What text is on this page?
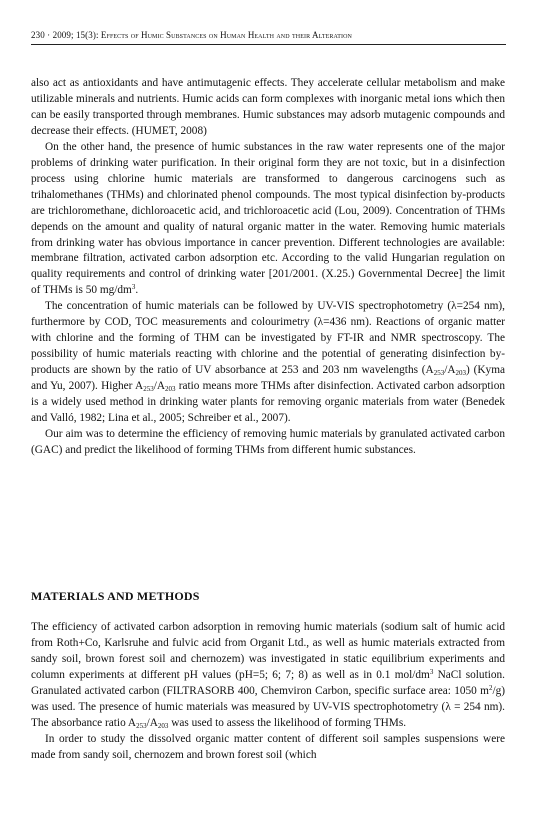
230 · 2009; 15(3): Effects of Humic Substances on Human Health and their Alteration

also act as antioxidants and have antimutagenic effects. They accelerate cellular metabolism and make utilizable minerals and nutrients. Humic acids can form complexes with inorganic metal ions which then can be easily transported through membranes. Humic substances may adsorb mutagenic compounds and decrease their effects. (HUMET, 2008)

On the other hand, the presence of humic substances in the raw water represents one of the major problems of drinking water purification. In their original form they are not toxic, but in a disinfection process using chlorine humic materials are transformed to dangerous carcinogens such as trihalomethanes (THMs) and chlorinated phenol compounds. The most typical disinfection by-products are trichloromethane, dichloroacetic acid, and trichloroacetic acid (Lou, 2009). Concentration of THMs depends on the amount and quality of natural organic matter in the water. Removing humic materials from drinking water has obvious importance in cancer prevention. Different technologies are available: membrane filtration, activated carbon adsorption etc. According to the valid Hungarian regulation on quality requirements and control of drinking water [201/2001. (X.25.) Governmental Decree] the limit of THMs is 50 $mg/dm^3$.

The concentration of humic materials can be followed by UV-VIS spectrophotometry (λ=254 nm), furthermore by COD, TOC measurements and colourimetry (λ=436 nm). Reactions of organic matter with chlorine and the forming of THM can be investigated by FT-IR and NMR spectroscopy. The possibility of humic materials reacting with chlorine and the potential of generating disinfection by-products are shown by the ratio of UV absorbance at 253 and 203 nm wavelengths $(A_{253}/A_{203})$ (Kyma and Yu, 2007). Higher $A_{253}/A_{203}$ ratio means more THMs after disinfection. Activated carbon adsorption is a widely used method in drinking water plants for removing organic materials from water (Benedek and Valló, 1982; Lina et al., 2005; Schreiber et al., 2007).

Our aim was to determine the efficiency of removing humic materials by granulated activated carbon (GAC) and predict the likelihood of forming THMs from different humic substances.

MATERIALS AND METHODS

The efficiency of activated carbon adsorption in removing humic materials (sodium salt of humic acid from Roth+Co, Karlsruhe and fulvic acid from Organit Ltd., as well as humic materials extracted from sandy soil, brown forest soil and chernozem) was investigated in static equilibrium experiments and column experiments at different pH values (pH=5; 6; 7; 8) as well as in 0.1 mol/$dm^3$ NaCl solution. Granulated activated carbon (FILTRASORB 400, Chemviron Carbon, specific surface area: 1050 $m^2/g$) was used. The presence of humic materials was measured by UV-VIS spectrophotometry (λ = 254 nm). The absorbance ratio $A_{253}/A_{203}$ was used to assess the likelihood of forming THMs.

In order to study the dissolved organic matter content of different soil samples suspensions were made from sandy soil, chernozem and brown forest soil (which
